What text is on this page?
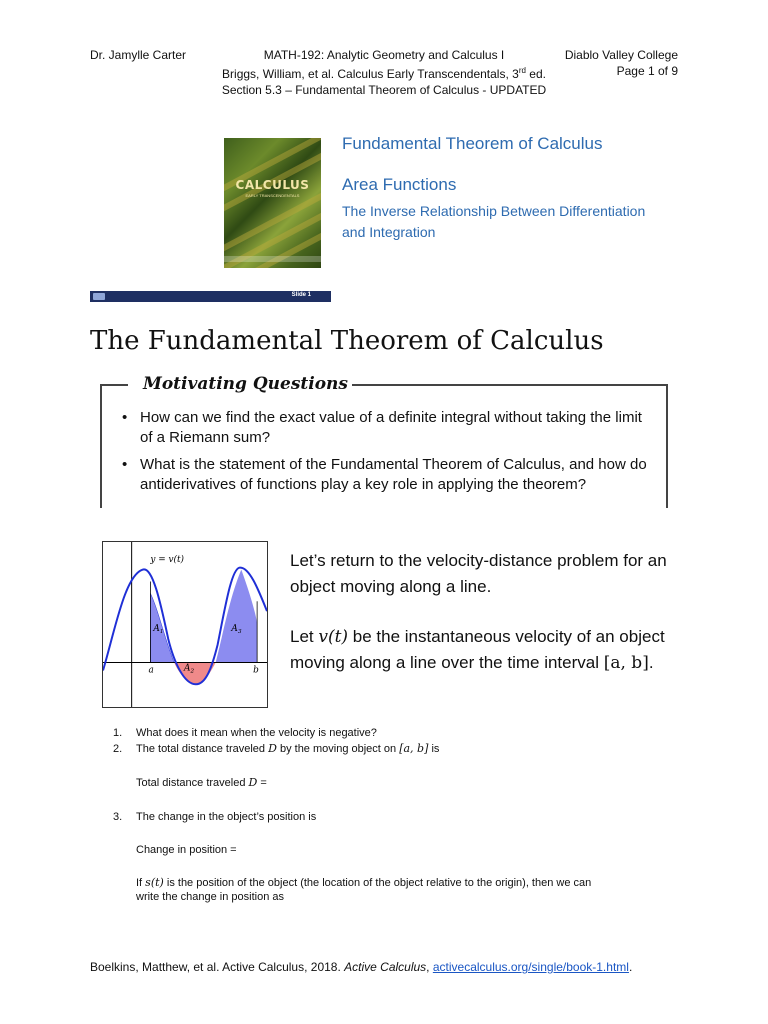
Dr. Jamylle Carter	MATH-192: Analytic Geometry and Calculus I
Briggs, William, et al. Calculus Early Transcendentals, 3rd ed.
Section 5.3 – Fundamental Theorem of Calculus - UPDATED
Diablo Valley College
Page 1 of 9
CALCULUS
EARLY TRANSCENDENTALS
Fundamental Theorem of Calculus
Area Functions
The Inverse Relationship Between Differentiation and Integration
Slide 1
The Fundamental Theorem of Calculus
Motivating Questions
• How can we find the exact value of a definite integral without taking the limit of a Riemann sum?
• What is the statement of the Fundamental Theorem of Calculus, and how do antiderivatives of functions play a key role in applying the theorem?
y = v(t)
$A_1$
$A_2$
$A_3$
a	b
Let’s return to the velocity-distance problem for an object moving along a line.
Let v(t) be the instantaneous velocity of an object moving along a line over the time interval [a, b].
1. What does it mean when the velocity is negative?
2. The total distance traveled D by the moving object on [a, b] is
Total distance traveled D =
3. The change in the object’s position is
Change in position =
If s(t) is the position of the object (the location of the object relative to the origin), then we can
write the change in position as
Boelkins, Matthew, et al. Active Calculus, 2018. Active Calculus, activecalculus.org/single/book-1.html.
